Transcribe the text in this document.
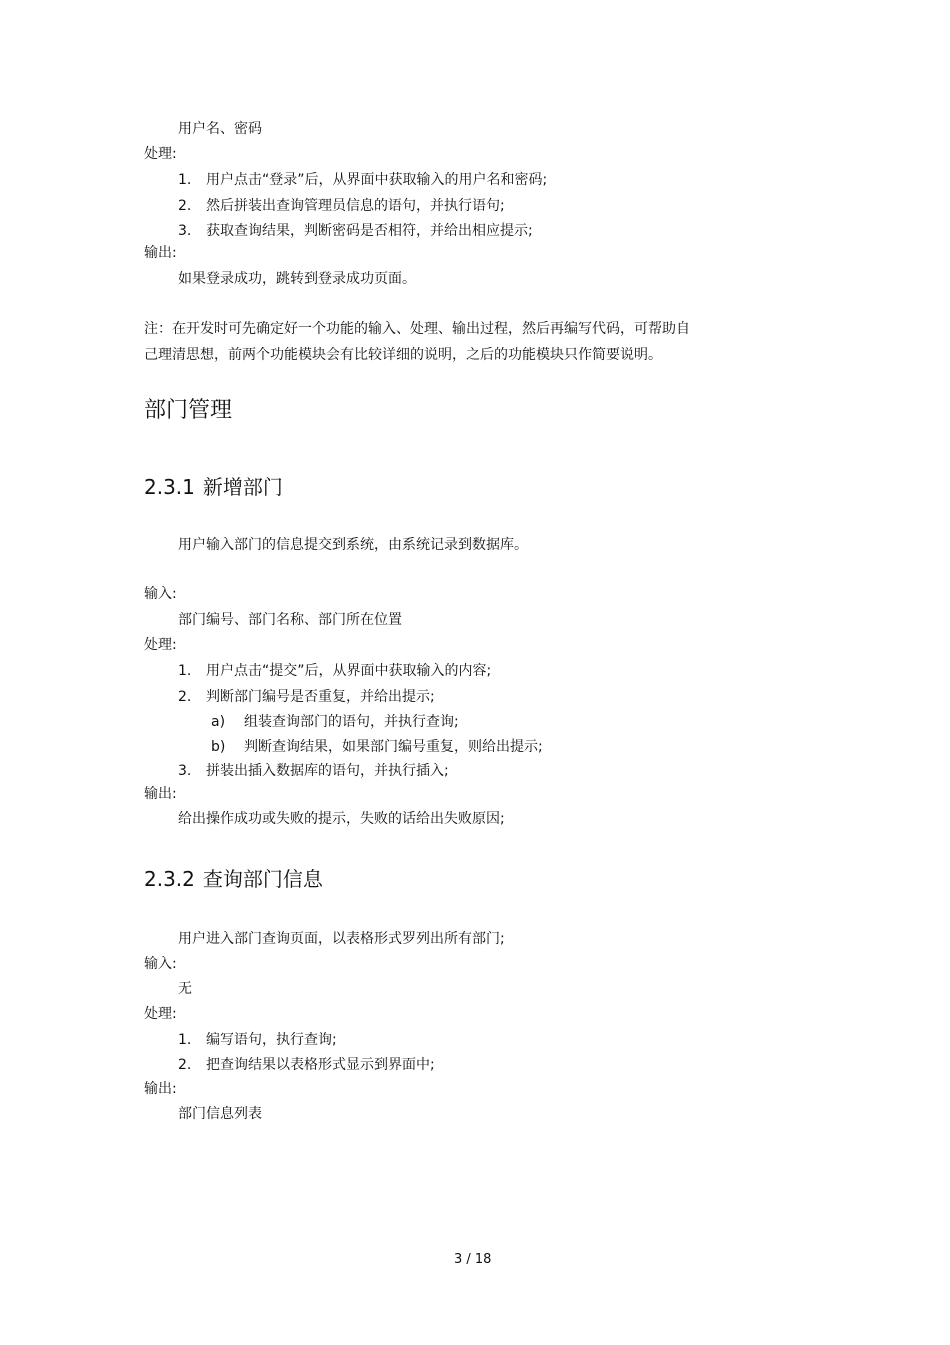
用户名、密码
处理:
1. 用户点击“登录”后，从界面中获取输入的用户名和密码;
2. 然后拼装出查询管理员信息的语句，并执行语句;
3. 获取查询结果，判断密码是否相符，并给出相应提示;
输出:
如果登录成功，跳转到登录成功页面。
注：在开发时可先确定好一个功能的输入、处理、输出过程，然后再编写代码，可帮助自
己理清思想，前两个功能模块会有比较详细的说明，之后的功能模块只作简要说明。
部门管理
2.3.1 新增部门
用户输入部门的信息提交到系统，由系统记录到数据库。
输入:
部门编号、部门名称、部门所在位置
处理:
1. 用户点击“提交”后，从界面中获取输入的内容;
2. 判断部门编号是否重复，并给出提示;
a) 组装查询部门的语句，并执行查询;
b) 判断查询结果，如果部门编号重复，则给出提示;
3. 拼装出插入数据库的语句，并执行插入;
输出:
给出操作成功或失败的提示，失败的话给出失败原因;
2.3.2 查询部门信息
用户进入部门查询页面，以表格形式罗列出所有部门;
输入:
无
处理:
1. 编写语句，执行查询;
2. 把查询结果以表格形式显示到界面中;
输出:
部门信息列表
3 / 18
